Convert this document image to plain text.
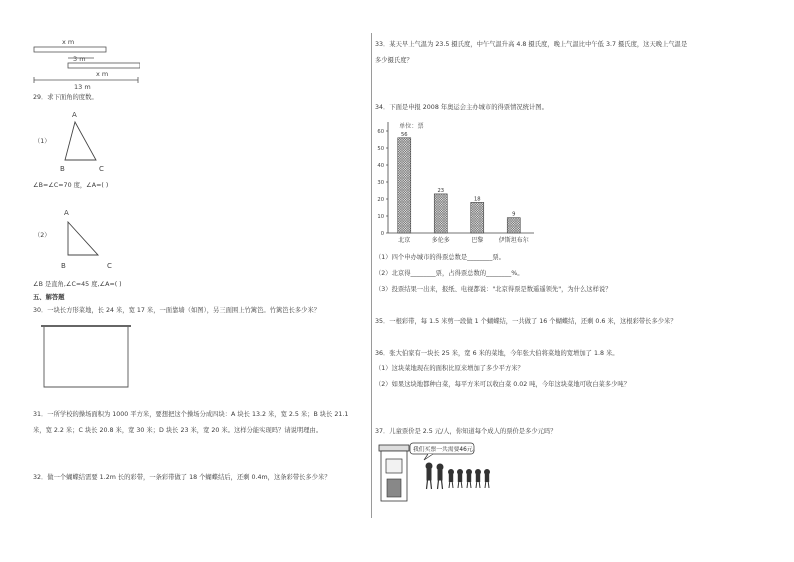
x m
3 m
x m
13 m
29．求下面角的度数。
（1）
A
B	C
∠B=∠C=70 度，∠A=( )
（2）
A
B	C
∠B 是直角,∠C=45 度,∠A=( )
五、解答题
30．一块长方形菜地，长 24 米，宽 17 米，一面靠墙（如图），另三面围上竹篱笆。竹篱笆长多少米？
31．一所学校的操场面积为 1000 平方米，要想把这个操场分成四块：A 块长 13.2 米，宽 2.5 米；B 块长 21.1
米，宽 2.2 米；C 块长 20.8 米，宽 30 米；D 块长 23 米，宽 20 米。这样分能实现吗？请说明理由。
32．做一个蝴蝶结需要 1.2m 长的彩带，一条彩带做了 18 个蝴蝶结后，还剩 0.4m，这条彩带长多少米？
33．某天早上气温为 23.5 摄氏度，中午气温升高 4.8 摄氏度，晚上气温比中午低 3.7 摄氏度，这天晚上气温是
多少摄氏度？
34．下面是申报 2008 年奥运会主办城市的得票情况统计图。
单位：票
0
10
20
30
40
50
60	56
北京
23
多伦多
18
巴黎
9
伊斯坦布尔
（1）四个申办城市的得票总数是________票。
（2）北京得________票，占得票总数的________%。
（3）投票结果一出来，报纸、电视都说："北京得票是数遥遥领先"，为什么这样说？
35．一根彩带，每 1.5 米剪一段做 1 个蝴蝶结，一共做了 16 个蝴蝶结，还剩 0.6 米，这根彩带长多少米？
36．张大伯家有一块长 25 米，宽 6 米的菜地，今年张大伯将菜地的宽增加了 1.8 米。
（1）这块菜地现在的面积比原来增加了多少平方米？
（2）如果这块地都种白菜，每平方米可以收白菜 0.02 吨，今年这块菜地可收白菜多少吨？
37．儿童票价是 2.5 元/人，你知道每个成人的票价是多少元吗？
我们买票一共需要46元。
